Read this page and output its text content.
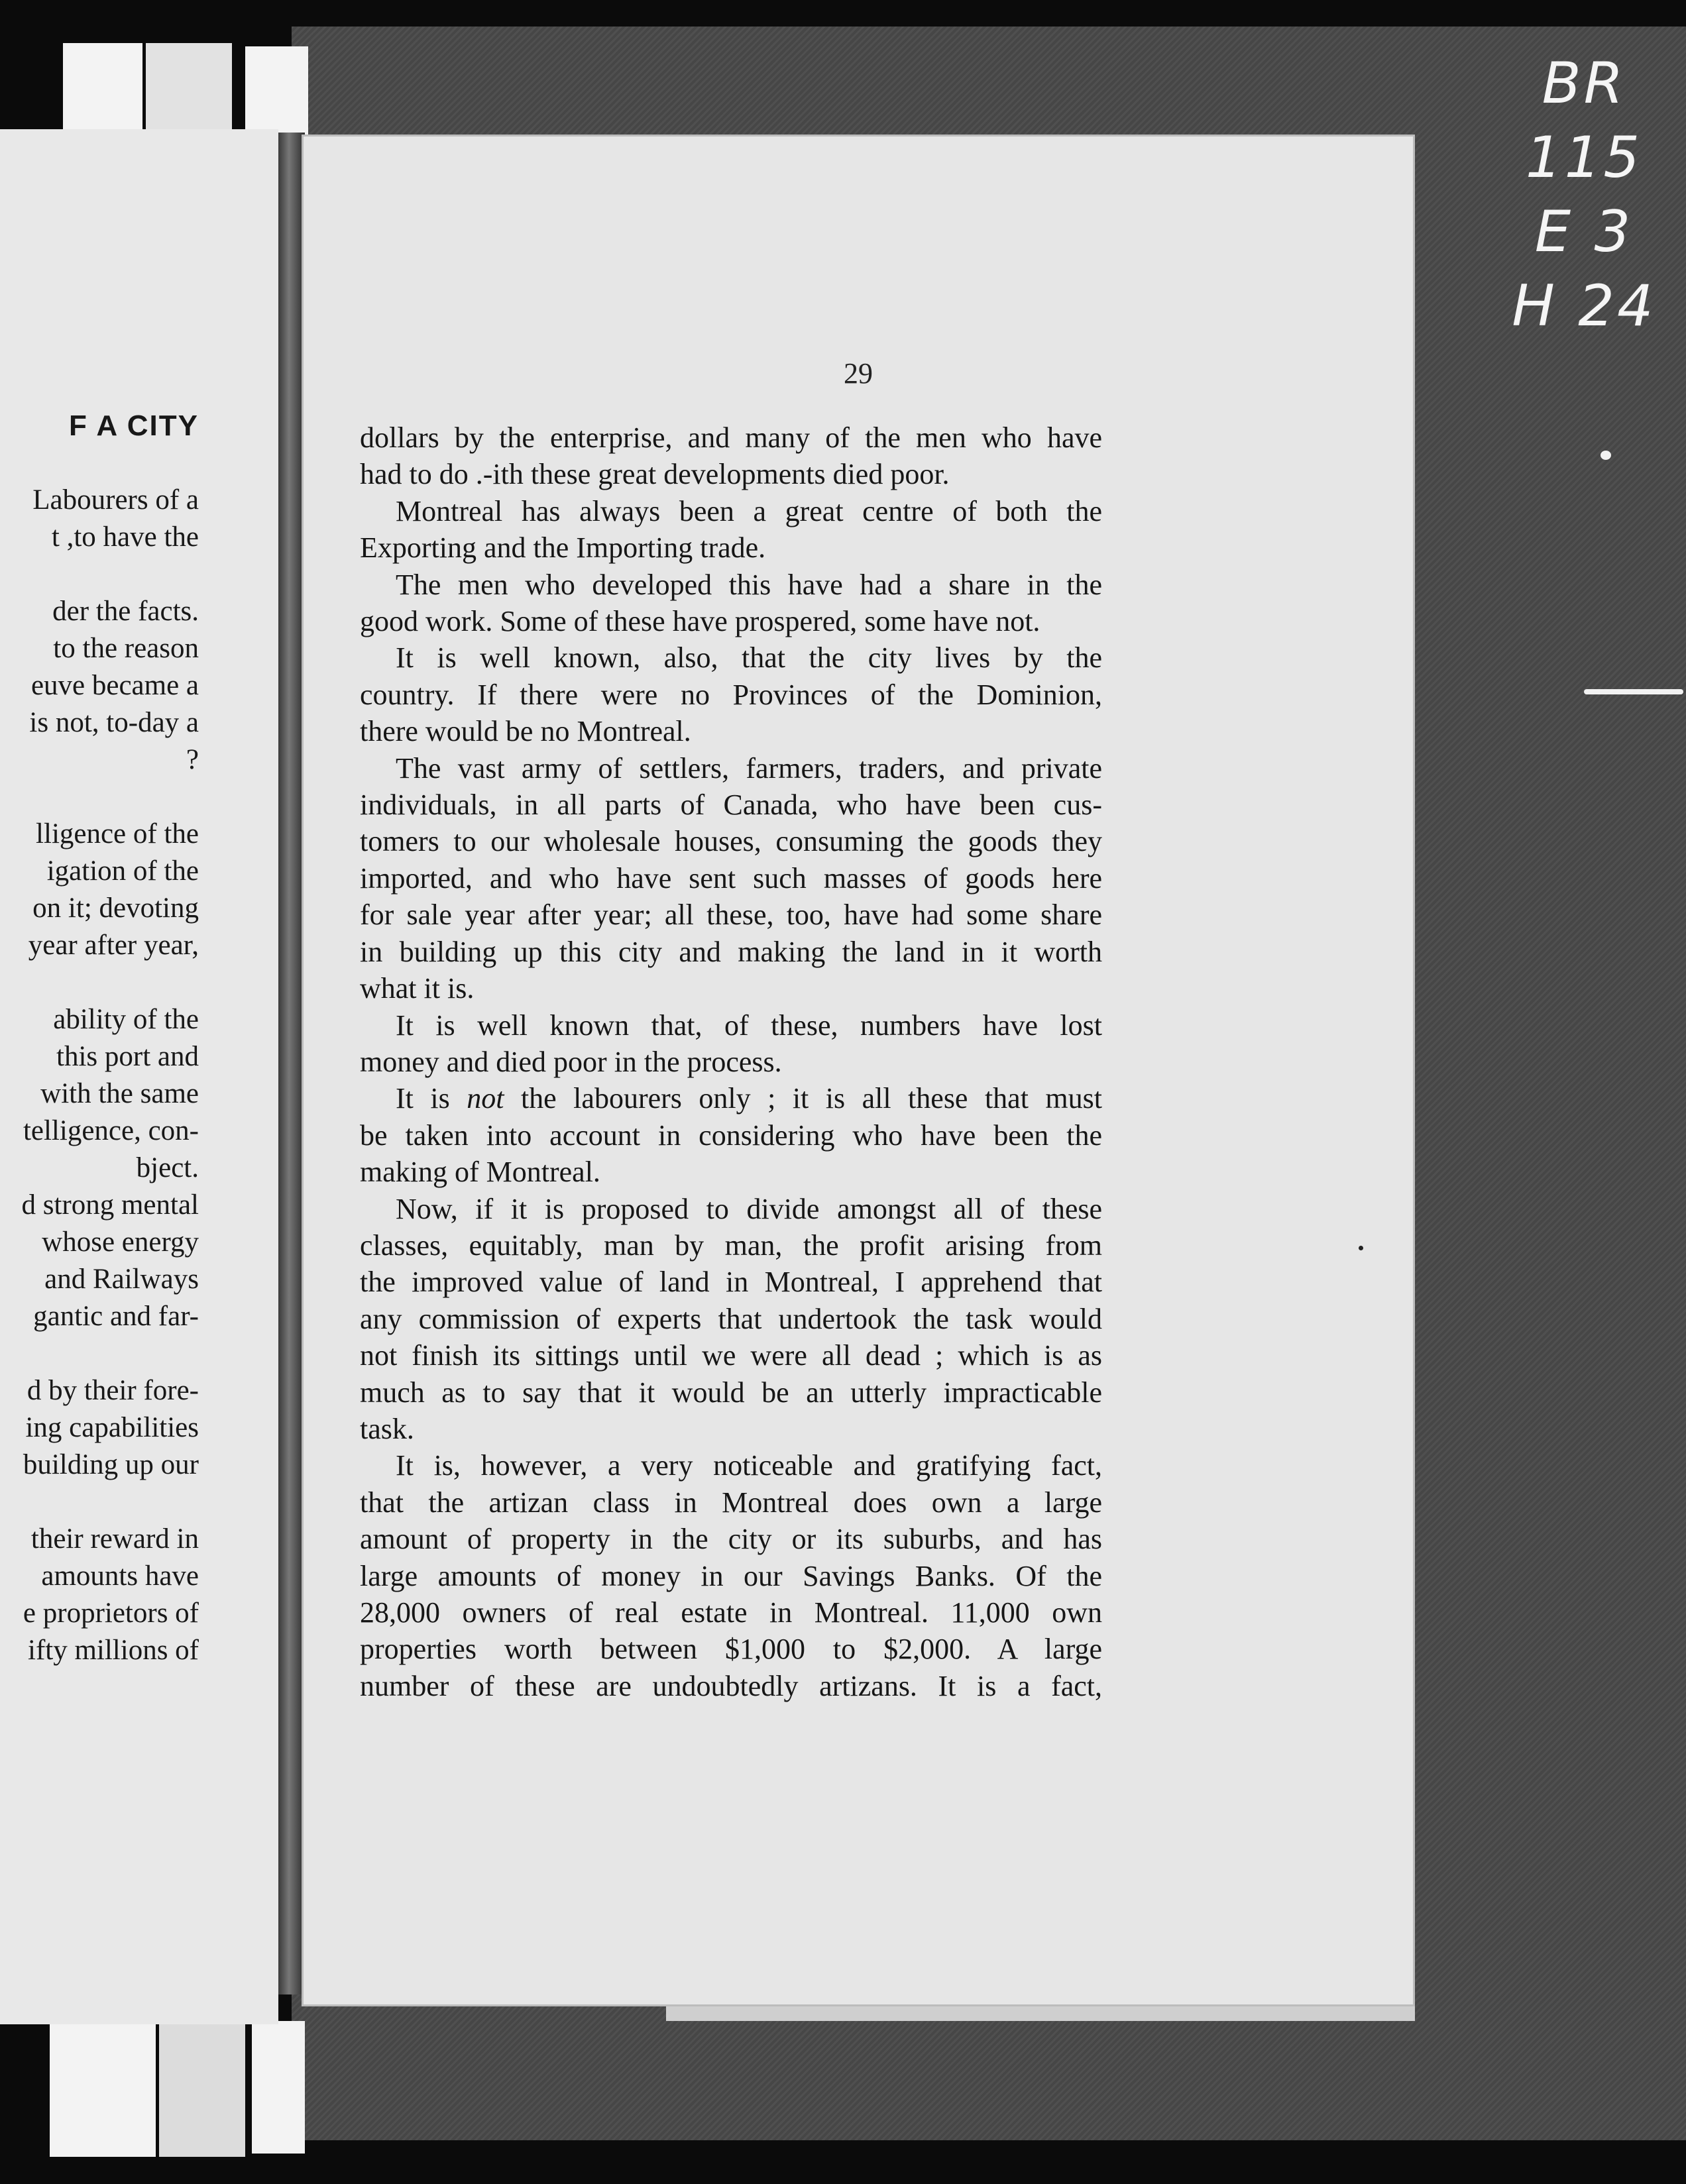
BR 115
E 3
H 24
F A CITY
Labourers of a
t ,to have the
der the facts.
to the reason
euve became a
is not, to-day a
?
lligence of the
igation of the
on it; devoting
year after year,
ability of the
this port and
with the same
telligence, con-
bject.
d strong mental
whose energy
and Railways
gantic and far-
d by their fore-
ing capabilities
building up our
their reward in
amounts have
e proprietors of
ifty millions of
29
dollars by the enterprise, and many of the men who have
had to do .-ith these great developments died poor.
Montreal has always been a great centre of both the
Exporting and the Importing trade.
The men who developed this have had a share in the
good work. Some of these have prospered, some have not.
It is well known, also, that the city lives by the
country. If there were no Provinces of the Dominion,
there would be no Montreal.
The vast army of settlers, farmers, traders, and private
individuals, in all parts of Canada, who have been cus-
tomers to our wholesale houses, consuming the goods they
imported, and who have sent such masses of goods here
for sale year after year; all these, too, have had some share
in building up this city and making the land in it worth
what it is.
It is well known that, of these, numbers have lost
money and died poor in the process.
It is not the labourers only ; it is all these that must
be taken into account in considering who have been the
making of Montreal.
Now, if it is proposed to divide amongst all of these
classes, equitably, man by man, the profit arising from
the improved value of land in Montreal, I apprehend that
any commission of experts that undertook the task would
not finish its sittings until we were all dead ; which is as
much as to say that it would be an utterly impracticable
task.
It is, however, a very noticeable and gratifying fact,
that the artizan class in Montreal does own a large
amount of property in the city or its suburbs, and has
large amounts of money in our Savings Banks. Of the
28,000 owners of real estate in Montreal. 11,000 own
properties worth between $1,000 to $2,000. A large
number of these are undoubtedly artizans. It is a fact,
